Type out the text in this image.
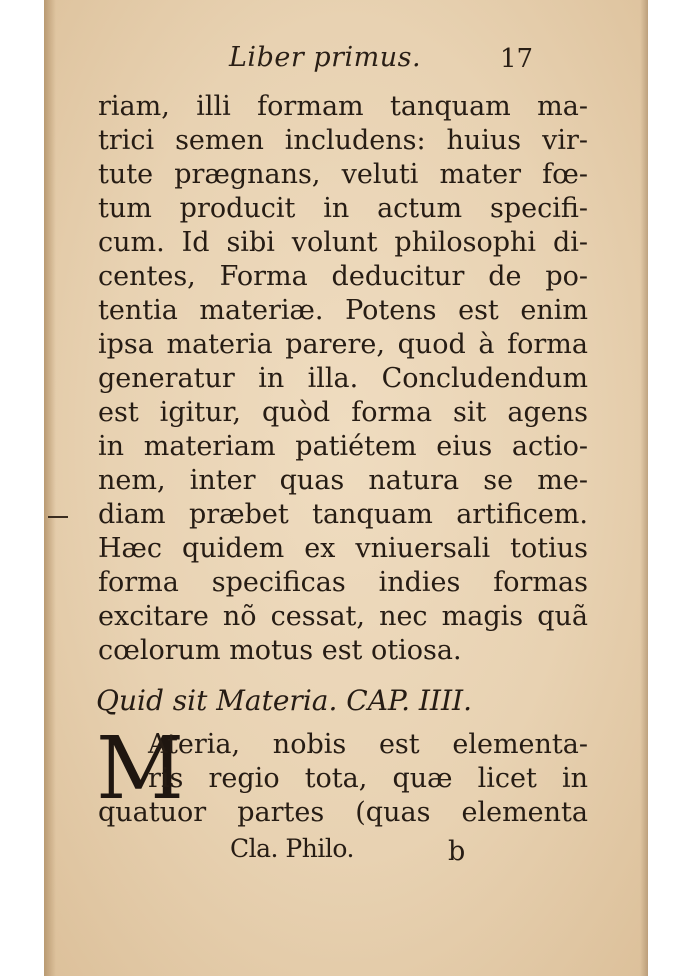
Liber primus.	17
riam, illi formam tanquam ma-
trici semen includens: huius vir-
tute prægnans, veluti mater fœ-
tum producit in actum specifi-
cum. Id sibi volunt philosophi di-
centes, Forma deducitur de po-
tentia materiæ. Potens est enim
ipsa materia parere, quod à forma
generatur in illa. Concludendum
est igitur, quòd forma sit agens
in materiam patiétem eius actio-
nem, inter quas natura se me-
diam præbet tanquam artificem.
Hæc quidem ex vniuersali totius
forma specificas indies formas
excitare nõ cessat, nec magis quã
cœlorum motus est otiosa.
Quid sit Materia. CAP. IIII.
M
Ateria, nobis est elementa-
ris regio tota, quæ licet in
quatuor partes (quas elementa
Cla. Philo.	b
